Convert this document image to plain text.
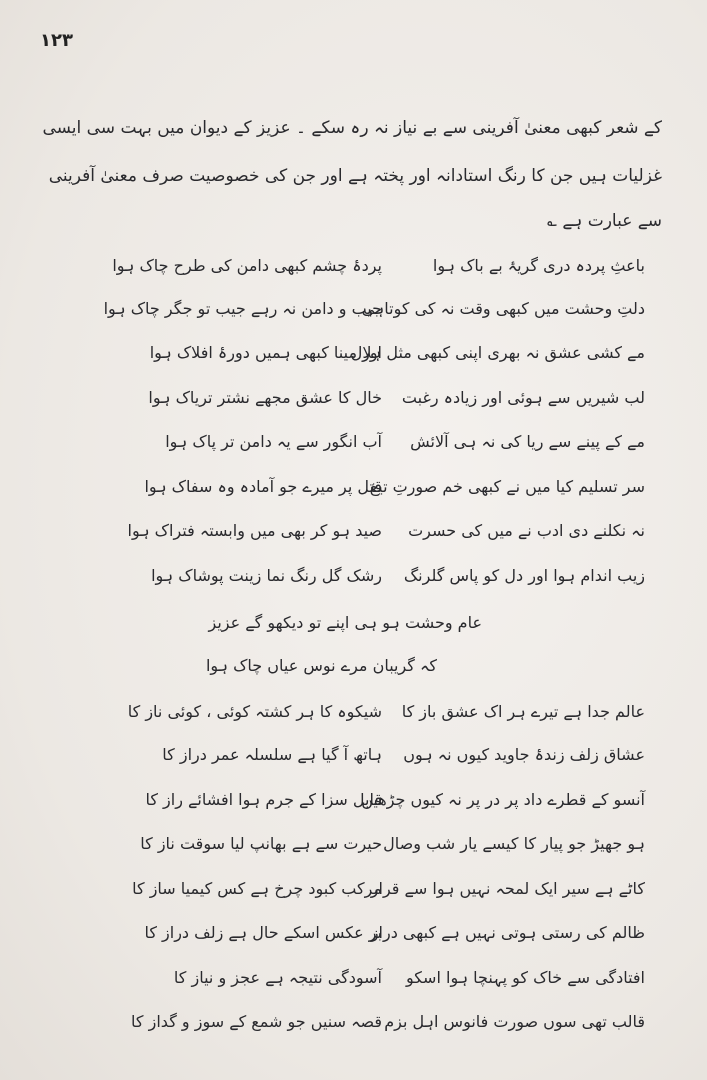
۱۲۳
کے شعر کبھی معنیٰ آفرینی سے بے نیاز نہ رہ سکے ۔ عزیز کے دیوان میں بہت سی ایسی
غزلیات ہیں جن کا رنگ استادانہ اور پختہ ہے اور جن کی خصوصیت صرف معنیٰ آفرینی
سے عبارت ہے ؎
باعثِ پردہ دری گریۂ بے باک ہوا
پردۂ چشم کبھی دامن کی طرح چاک ہوا
دلتِ وحشت میں کبھی وقت نہ کی کوتاہی
جیب و دامن نہ رہے جیب تو جگر چاک ہوا
مے کشی عشق نہ بھری اپنی کبھی مثل ہلال
اور مینا کبھی ہمیں دورۂ افلاک ہوا
لب شیریں سے ہوئی اور زیادہ رغبت
خال کا عشق مجھے نشتر تریاک ہوا
مے کے پینے سے ریا کی نہ ہی آلائش
آب انگور سے یہ دامن تر پاک ہوا
سر تسلیم کیا میں نے کبھی خم صورتِ تیغ
قتل پر میرے جو آمادہ وہ سفاک ہوا
نہ نکلنے دی ادب نے میں کی حسرت
صید ہو کر بھی میں وابستہ فتراک ہوا
زیب اندام ہوا اور دل کو پاس گلرنگ
رشک گل رنگ نما زینت پوشاک ہوا
عام وحشت ہو ہی اپنے تو دیکھو گے عزیز
کہ گریبان مرے نوس عیاں چاک ہوا
عالم جدا ہے تیرے ہر اک عشق باز کا
شیکوہ کا ہر کشتہ کوئی ، کوئی ناز کا
عشاق زلف زندۂ جاوید کیوں نہ ہوں
ہاتھ آ گیا ہے سلسلہ عمر دراز کا
آنسو کے قطرے داد پر در پر نہ کیوں چڑھیں
قابل سزا کے جرم ہوا افشائے راز کا
ہو جھیڑ جو پیار کا کیسے یار شب وصال
حیرت سے ہے بھانپ لیا سوقت ناز کا
کاٹے ہے سیر ایک لمحہ نہیں ہوا سے قرار
مرکب کبود چرخ ہے کس کیمیا ساز کا
ظالم کی رستی ہوتی نہیں ہے کبھی دراز
بر عکس اسکے حال ہے زلف دراز کا
افتادگی سے خاک کو پہنچا ہوا اسکو
آسودگی نتیجہ ہے عجز و نیاز کا
قالب تھی سوں صورت فانوس اہل بزم
قصہ سنیں جو شمع کے سوز و گداز کا
